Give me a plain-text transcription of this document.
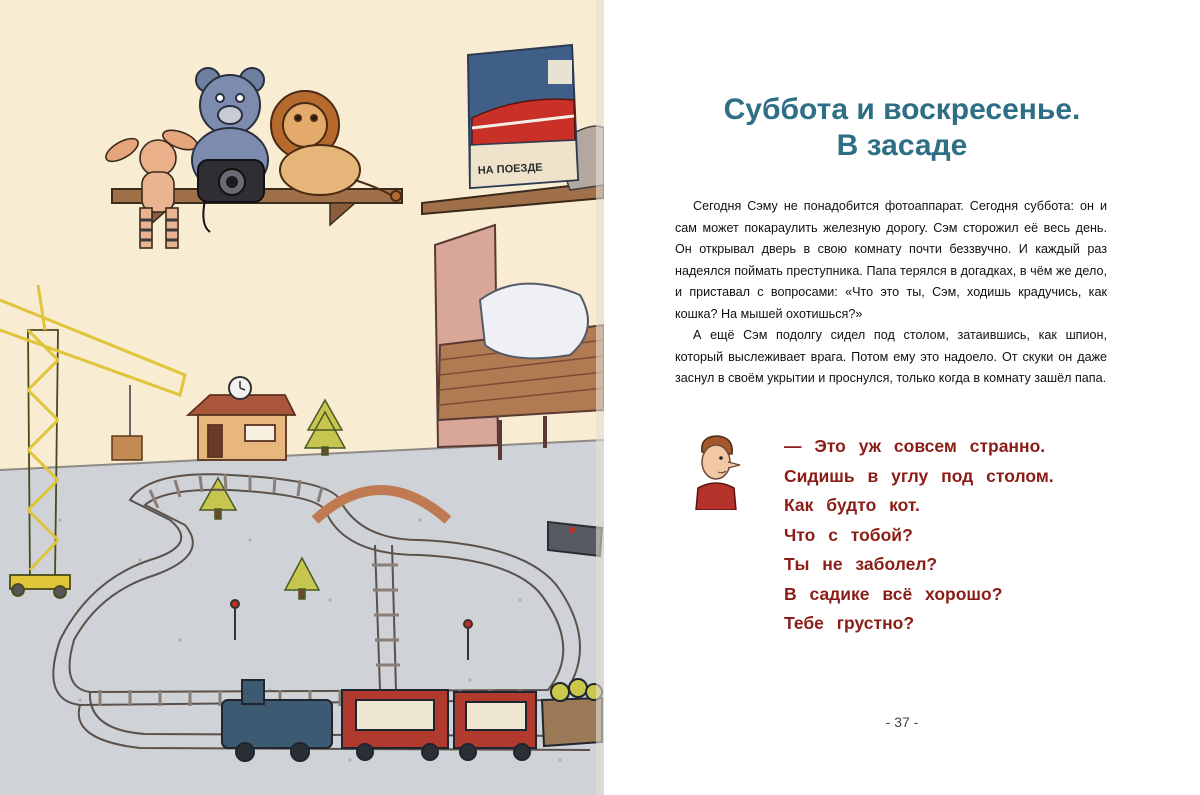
НА ПОЕЗДЕ
Суббота и воскресенье.
В засаде

Сегодня Сэму не понадобится фотоаппарат. Сегодня суббота: он и сам может покараулить железную дорогу. Сэм сторожил её весь день. Он открывал дверь в свою комнату почти беззвучно. И каждый раз надеялся поймать преступника. Папа терялся в догадках, в чём же дело, и приставал с вопросами: «Что это ты, Сэм, ходишь крадучись, как кошка? На мышей охотишься?»

А ещё Сэм подолгу сидел под столом, затаившись, как шпион, который выслеживает врага. Потом ему это надоело. От скуки он даже заснул в своём укрытии и проснулся, только когда в комнату зашёл папа.

— Это уж совсем странно.
Сидишь в углу под столом.
Как будто кот.
Что с тобой?
Ты не заболел?
В садике всё хорошо?
Тебе грустно?
- 37 -
